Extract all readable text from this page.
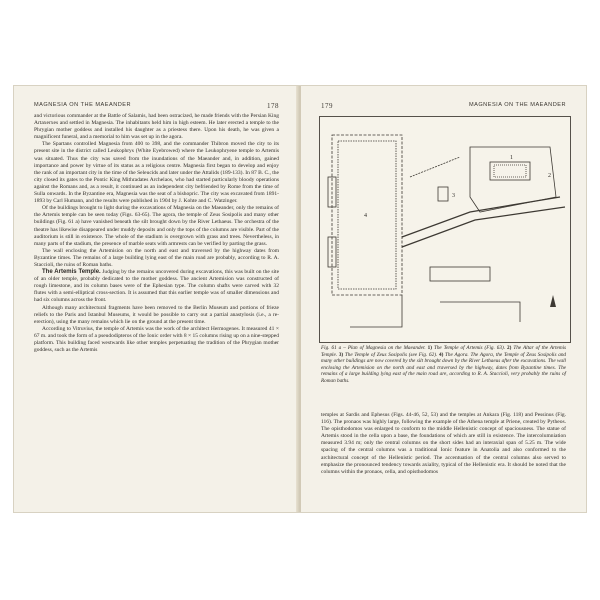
MAGNESIA ON THE MAEANDER	178

and victorious commander at the Battle of Salamis, had been ostracized, he made friends with the Persian King Artaxerxes and settled in Magnesia. The inhabitants held him in high esteem. He later erected a temple to the Phrygian mother goddess and installed his daughter as a priestess there. Upon his death, he was given a magnificent funeral, and a memorial to him was set up in the agora.

The Spartans controlled Magnesia from 400 to 398, and the commander Thibron moved the city to its present site in the district called Leukophrys (White Eyebrowed) where the Leukophryene temple to Artemis was situated. Thus the city was saved from the inundations of the Maeander and, in addition, gained importance and power by virtue of its status as a religious centre. Magnesia first began to develop and enjoy the rank of an important city in the time of the Seleucids and later under the Attalids (189-133). In 87 B. C., the city closed its gates to the Pontic King Mithradates Archelaos, who had started particularly bloody operations against the Romans and, as a result, it continued as an independent city befriended by Rome from the time of Sulla onwards. In the Byzantine era, Magnesia was the seat of a bishopric. The city was excavated from 1891-1893 by Carl Humann, and the results were published in 1904 by J. Kohte and C. Watzinger.

Of the buildings brought to light during the excavations of Magnesia on the Maeander, only the remains of the Artemis temple can be seen today (Figs. 63-65). The agora, the temple of Zeus Sosipolis and many other buildings (Fig. 61 a) have vanished beneath the silt brought down by the River Lethaeus. The orchestra of the theatre has likewise disappeared under muddy deposits and only the tops of the columns are visible. Part of the auditorium is still in existence. The whole of the stadium is overgrown with grass and trees. Nevertheless, in many parts of the stadium, the presence of marble seats with armrests can be verified by parting the grass.

The wall enclosing the Artemision on the north and east and traversed by the highway dates from Byzantine times. The remains of a large building lying east of the main road are probably, according to R. A. Staccioli, the ruins of Roman baths.

The Artemis Temple. Judging by the remains uncovered during excavations, this was built on the site of an older temple, probably dedicated to the mother goddess. The ancient Artemision was constructed of rough limestone, and its column bases were of the Ephesian type. The column shafts were carved with 32 flutes with a semi-elliptical cross-section. It is assumed that this earlier temple was of smaller dimensions and had six columns across the front.

Although many architectural fragments have been removed to the Berlin Museum and portions of frieze reliefs to the Paris and Istanbul Museums, it would be possible to carry out a partial anastylosis (i.e., a re-erection), using the many remains which lie on the ground at the present time.

According to Vitruvius, the temple of Artemis was the work of the architect Hermogenes. It measured 41 × 67 m. and took the form of a pseudodipteros of the Ionic order with 8 × 15 columns rising up on a nine-stepped platform. This building faced westwards like other temples perpetuating the tradition of the Phrygian mother goddess, such as the Artemis

179	MAGNESIA ON THE MAEANDER
1
2
3
4
Fig. 61 a – Plan of Magnesia on the Maeander. 1) The Temple of Artemis (Fig. 63). 2) The Altar of the Artemis Temple. 3) The Temple of Zeus Sosipolis (see Fig. 62). 4) The Agora. The Agora, the Temple of Zeus Sosipolis and many other buildings are now covered by the silt brought down by the River Lethaeus after the excavations. The wall enclosing the Artemision on the north and east and traversed by the highway, dates from Byzantine times. The remains of a large building lying east of the main road are, according to R. A. Staccioli, very probably the ruins of Roman baths.

temples at Sardis and Ephesus (Figs. 44-46, 52, 53) and the temples at Ankara (Fig. 118) and Pessinus (Fig. 116). The pronaos was highly large, following the example of the Athena temple at Priene, created by Pytheos. The opisthodomos was enlarged to conform to the middle Hellenistic concept of spaciousness. The statue of Artemis stood in the cella upon a base, the foundations of which are still in existence. The intercolumniation measured 3.94 m; only the central columns on the short sides had an interaxial span of 5.25 m. The wide spacing of the central columns was a traditional Ionic feature in Anatolia and also conformed to the architectural concept of the Hellenistic period. The accentuation of the central columns also served to emphasize the pronounced tendency towards axiality, typical of the Hellenistic era. It should be noted that the columns within the pronaos, cella, and opisthodomos
